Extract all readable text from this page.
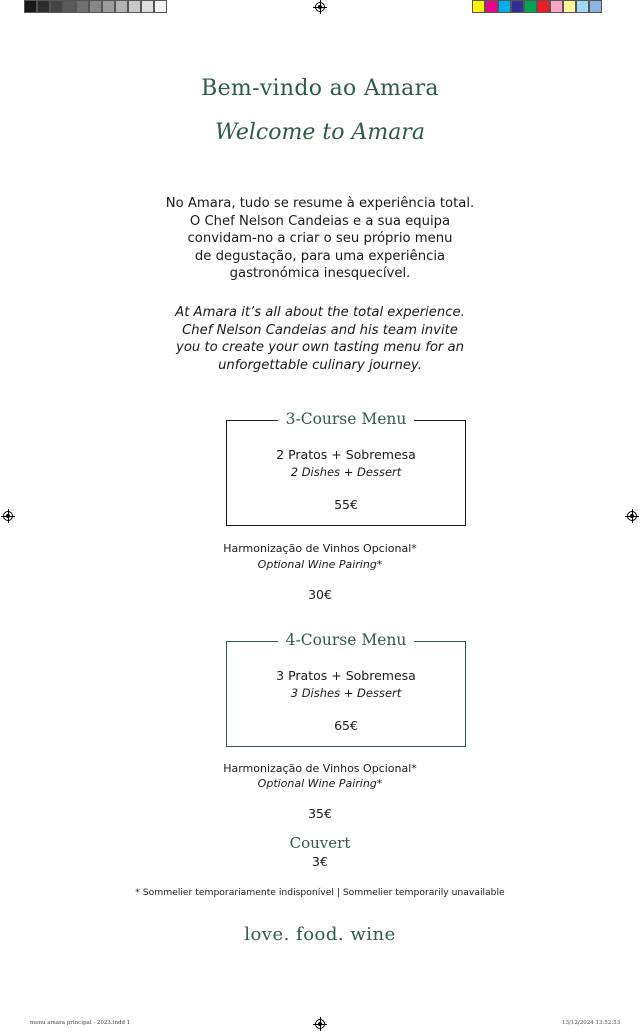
Bem-vindo ao Amara
Welcome to Amara
No Amara, tudo se resume à experiência total.
O Chef Nelson Candeias e a sua equipa
convidam-no a criar o seu próprio menu
de degustação, para uma experiência
gastronómica inesquecível.
At Amara it’s all about the total experience.
Chef Nelson Candeias and his team invite
you to create your own tasting menu for an
unforgettable culinary journey.
3-Course Menu
2 Pratos + Sobremesa
2 Dishes + Dessert
55€
Harmonização de Vinhos Opcional*
Optional Wine Pairing*
30€
4-Course Menu
3 Pratos + Sobremesa
3 Dishes + Dessert
65€
Harmonização de Vinhos Opcional*
Optional Wine Pairing*
35€
Couvert
3€
* Sommelier temporariamente indisponível | Sommelier temporarily unavailable
love. food. wine
menu amara principal - 2023.indd 1	13/12/2024 13:52:53
